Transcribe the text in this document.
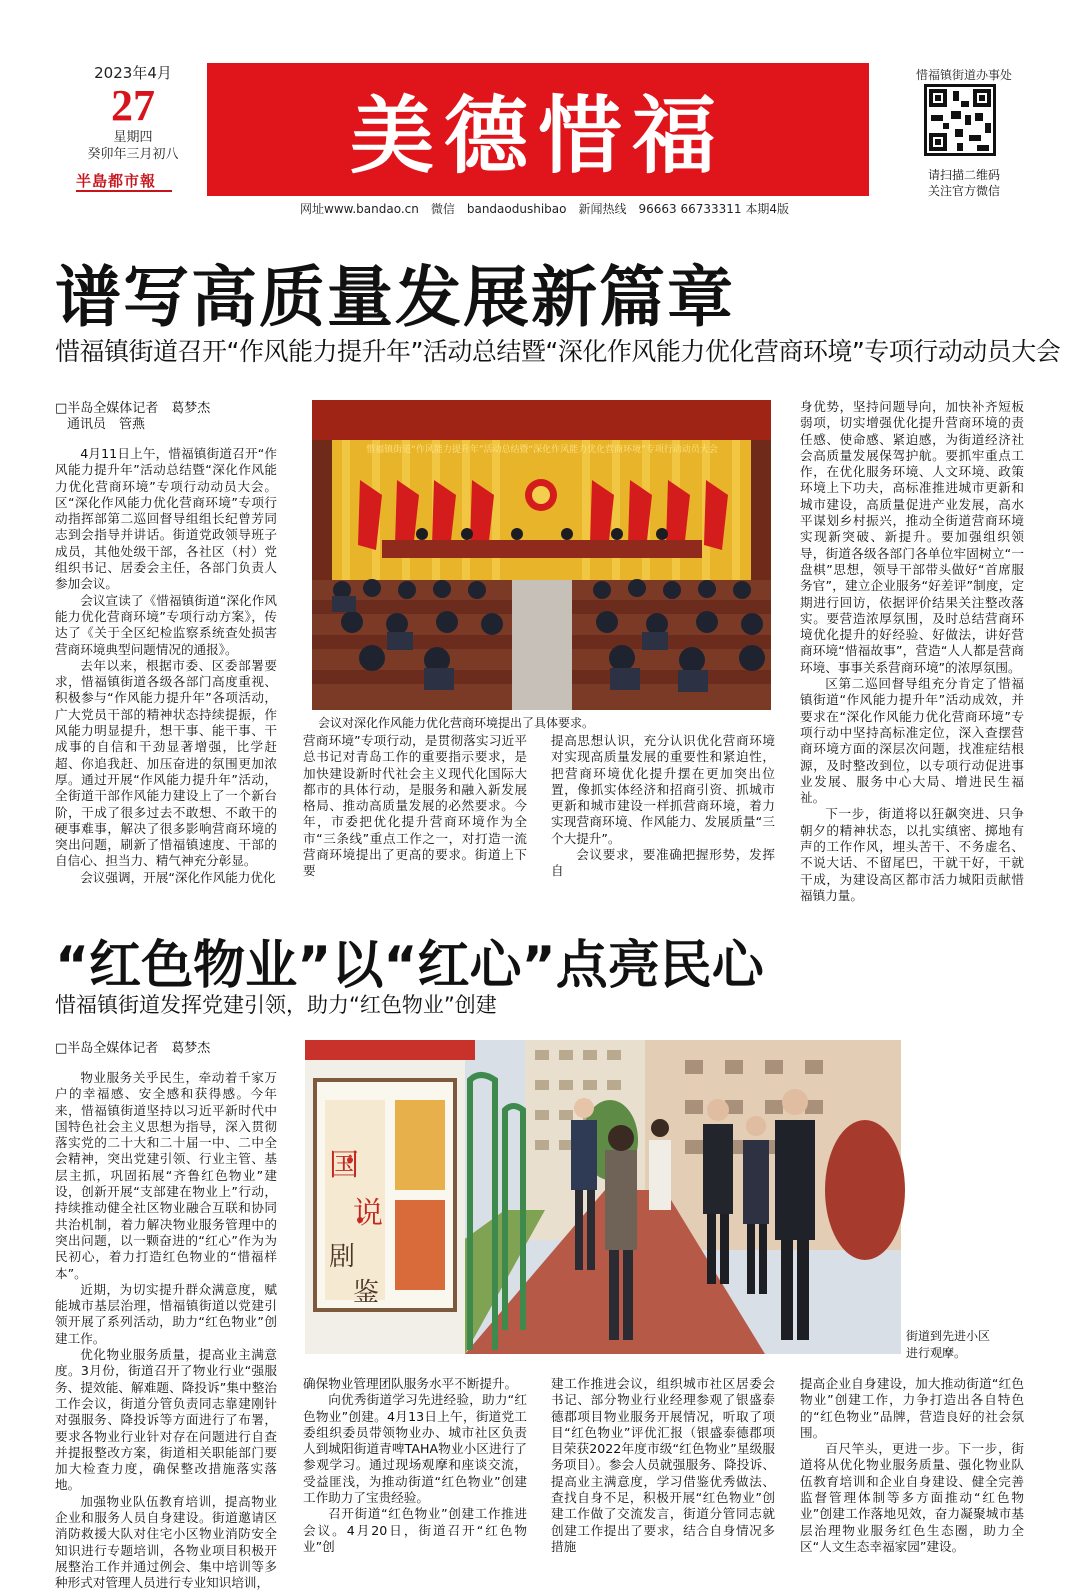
2023年4月
27
星期四
癸卯年三月初八
半島都市報 美德惜福
网址www.bandao.cn　微信　bandaodushibao　新闻热线　96663 66733311 本期4版
惜福镇街道办事处
请扫描二维码
关注官方微信
谱写高质量发展新篇章
惜福镇街道召开“作风能力提升年”活动总结暨“深化作风能力优化营商环境”专项行动动员大会
□半岛全媒体记者　葛梦杰
通讯员　管燕

4月11日上午，惜福镇街道召开“作风能力提升年”活动总结暨“深化作风能力优化营商环境”专项行动动员大会。区“深化作风能力优化营商环境”专项行动指挥部第二巡回督导组组长纪曾芳同志到会指导并讲话。街道党政领导班子成员，其他处级干部，各社区（村）党组织书记、居委会主任，各部门负责人参加会议。

会议宣读了《惜福镇街道“深化作风能力优化营商环境”专项行动方案》，传达了《关于全区纪检监察系统查处损害营商环境典型问题情况的通报》。

去年以来，根据市委、区委部署要求，惜福镇街道各级各部门高度重视、积极参与“作风能力提升年”各项活动，广大党员干部的精神状态持续提振，作风能力明显提升，想干事、能干事、干成事的自信和干劲显著增强，比学赶超、你追我赶、加压奋进的氛围更加浓厚。通过开展“作风能力提升年”活动，全街道干部作风能力建设上了一个新台阶，干成了很多过去不敢想、不敢干的硬事难事，解决了很多影响营商环境的突出问题，刷新了惜福镇速度、干部的自信心、担当力、精气神充分彰显。

会议强调，开展“深化作风能力优化

惜福镇街道“作风能力提升年”活动总结暨“深化作风能力优化营商环境”专项行动动员大会
会议对深化作风能力优化营商环境提出了具体要求。

营商环境”专项行动，是贯彻落实习近平总书记对青岛工作的重要指示要求，是加快建设新时代社会主义现代化国际大都市的具体行动，是服务和融入新发展格局、推动高质量发展的必然要求。今年，市委把优化提升营商环境作为全市“三条线”重点工作之一，对打造一流营商环境提出了更高的要求。街道上下要

提高思想认识，充分认识优化营商环境对实现高质量发展的重要性和紧迫性，把营商环境优化提升摆在更加突出位置，像抓实体经济和招商引资、抓城市更新和城市建设一样抓营商环境，着力实现营商环境、作风能力、发展质量“三个大提升”。

会议要求，要准确把握形势，发挥自

身优势，坚持问题导向，加快补齐短板弱项，切实增强优化提升营商环境的责任感、使命感、紧迫感，为街道经济社会高质量发展保驾护航。要抓牢重点工作，在优化服务环境、人文环境、政策环境上下功夫，高标准推进城市更新和城市建设，高质量促进产业发展，高水平谋划乡村振兴，推动全街道营商环境实现新突破、新提升。要加强组织领导，街道各级各部门各单位牢固树立“一盘棋”思想，领导干部带头做好“首席服务官”，建立企业服务“好差评”制度，定期进行回访，依据评价结果关注整改落实。要营造浓厚氛围，及时总结营商环境优化提升的好经验、好做法，讲好营商环境“惜福故事”，营造“人人都是营商环境、事事关系营商环境”的浓厚氛围。

区第二巡回督导组充分肯定了惜福镇街道“作风能力提升年”活动成效，并要求在“深化作风能力优化营商环境”专项行动中坚持高标准定位，深入查摆营商环境方面的深层次问题，找准症结根源，及时整改到位，以专项行动促进事业发展、服务中心大局、增进民生福祉。

下一步，街道将以狂飙突进、只争朝夕的精神状态，以扎实缜密、掷地有声的工作作风，埋头苦干、不务虚名、不说大话、不留尾巴，干就干好，干就干成，为建设高区都市活力城阳贡献惜福镇力量。

“红色物业”以“红心”点亮民心
惜福镇街道发挥党建引领，助力“红色物业”创建
□半岛全媒体记者　葛梦杰

物业服务关乎民生，牵动着千家万户的幸福感、安全感和获得感。今年来，惜福镇街道坚持以习近平新时代中国特色社会主义思想为指导，深入贯彻落实党的二十大和二十届一中、二中全会精神，突出党建引领、行业主管、基层主抓，巩固拓展“齐鲁红色物业”建设，创新开展“支部建在物业上”行动，持续推动健全社区物业融合互联和协同共治机制，着力解决物业服务管理中的突出问题，以一颗奋进的“红心”作为为民初心，着力打造红色物业的“惜福样本”。

近期，为切实提升群众满意度，赋能城市基层治理，惜福镇街道以党建引领开展了系列活动，助力“红色物业”创建工作。

优化物业服务质量，提高业主满意度。3月份，街道召开了物业行业“强服务、提效能、解难题、降投诉”集中整治工作会议，街道分管负责同志靠建刚针对强服务、降投诉等方面进行了布署，要求各物业行业针对存在问题进行自查并提报整改方案，街道相关职能部门要加大检查力度，确保整改措施落实落地。

加强物业队伍教育培训，提高物业企业和服务人员自身建设。街道邀请区消防救援大队对住宅小区物业消防安全知识进行专题培训，各物业项目积极开展整治工作并通过例会、集中培训等多种形式对管理人员进行专业知识培训，

国
说
剧
鉴
街道到先进小区
进行观摩。

确保物业管理团队服务水平不断提升。

向优秀街道学习先进经验，助力“红色物业”创建。4月13日上午，街道党工委组织委员带领物业办、城市社区负责人到城阳街道青啤TAHA物业小区进行了参观学习。通过现场观摩和座谈交流，受益匪浅，为推动街道“红色物业”创建工作助力了宝贵经验。

召开街道“红色物业”创建工作推进会议。4月20日，街道召开“红色物业”创

建工作推进会议，组织城市社区居委会书记、部分物业行业经理参观了银盛泰德郡项目物业服务开展情况，听取了项目“红色物业”评优汇报（银盛泰德郡项目荣获2022年度市级“红色物业”星级服务项目）。参会人员就强服务、降投诉、提高业主满意度，学习借鉴优秀做法、查找自身不足，积极开展“红色物业”创建工作做了交流发言，街道分管同志就创建工作提出了要求，结合自身情况多措施

提高企业自身建设，加大推动街道“红色物业”创建工作，力争打造出各自特色的“红色物业”品牌，营造良好的社会氛围。

百尺竿头，更进一步。下一步，街道将从优化物业服务质量、强化物业队伍教育培训和企业自身建设、健全完善监督管理体制等多方面推动“红色物业”创建工作落地见效，奋力凝聚城市基层治理物业服务红色生态圈，助力全区“人文生态幸福家园”建设。
